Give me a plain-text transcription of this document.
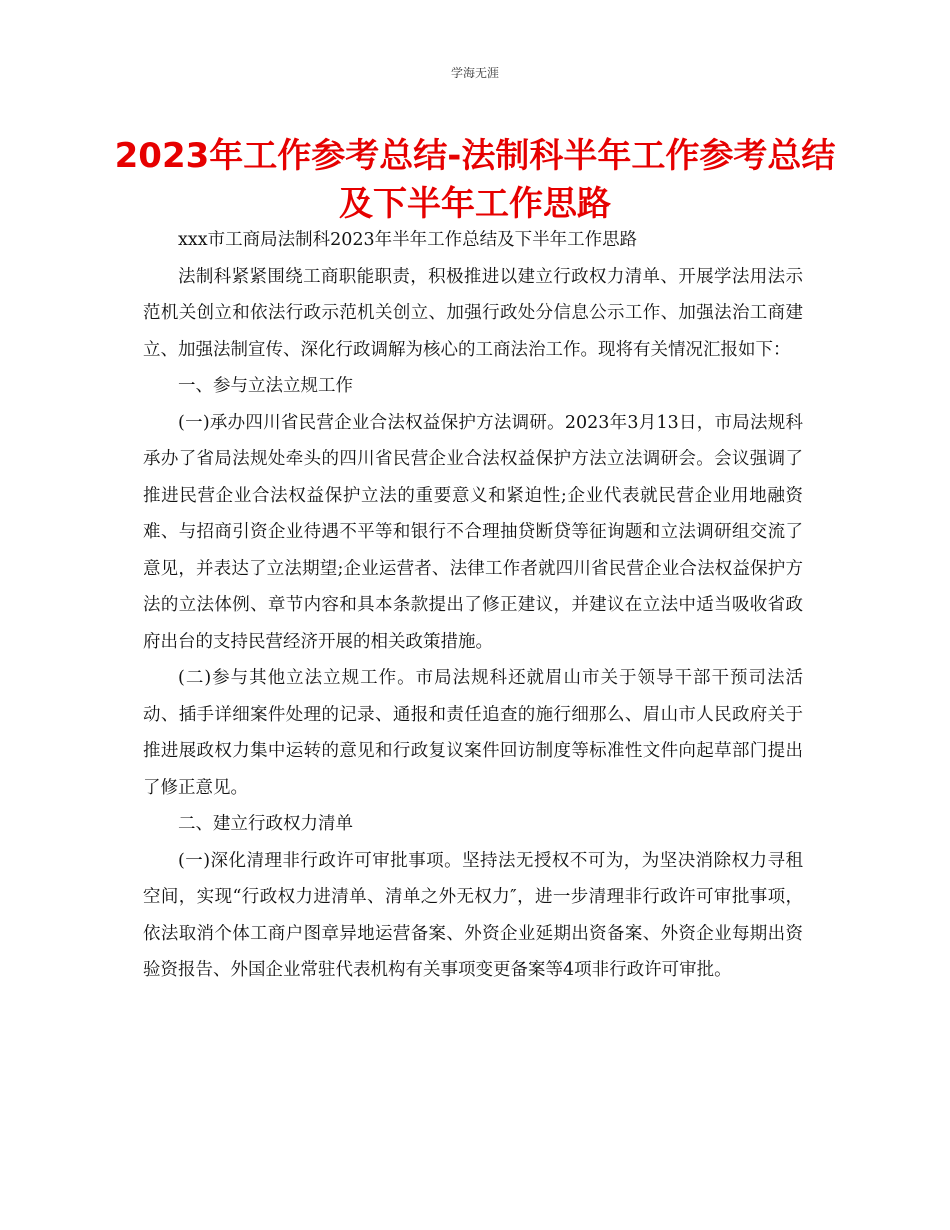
学海无涯
2023年工作参考总结-法制科半年工作参考总结及下半年工作思路

xxx市工商局法制科2023年半年工作总结及下半年工作思路

法制科紧紧围绕工商职能职责，积极推进以建立行政权力清单、开展学法用法示范机关创立和依法行政示范机关创立、加强行政处分信息公示工作、加强法治工商建立、加强法制宣传、深化行政调解为核心的工商法治工作。现将有关情况汇报如下：

一、参与立法立规工作

(一)承办四川省民营企业合法权益保护方法调研。2023年3月13日，市局法规科承办了省局法规处牵头的四川省民营企业合法权益保护方法立法调研会。会议强调了推进民营企业合法权益保护立法的重要意义和紧迫性;企业代表就民营企业用地融资难、与招商引资企业待遇不平等和银行不合理抽贷断贷等征询题和立法调研组交流了意见，并表达了立法期望;企业运营者、法律工作者就四川省民营企业合法权益保护方法的立法体例、章节内容和具本条款提出了修正建议，并建议在立法中适当吸收省政府出台的支持民营经济开展的相关政策措施。

(二)参与其他立法立规工作。市局法规科还就眉山市关于领导干部干预司法活动、插手详细案件处理的记录、通报和责任追查的施行细那么、眉山市人民政府关于推进展政权力集中运转的意见和行政复议案件回访制度等标准性文件向起草部门提出了修正意见。

二、建立行政权力清单

(一)深化清理非行政许可审批事项。坚持法无授权不可为，为坚决消除权力寻租空间，实现“行政权力进清单、清单之外无权力″，进一步清理非行政许可审批事项，依法取消个体工商户图章异地运营备案、外资企业延期出资备案、外资企业每期出资验资报告、外国企业常驻代表机构有关事项变更备案等4项非行政许可审批。
